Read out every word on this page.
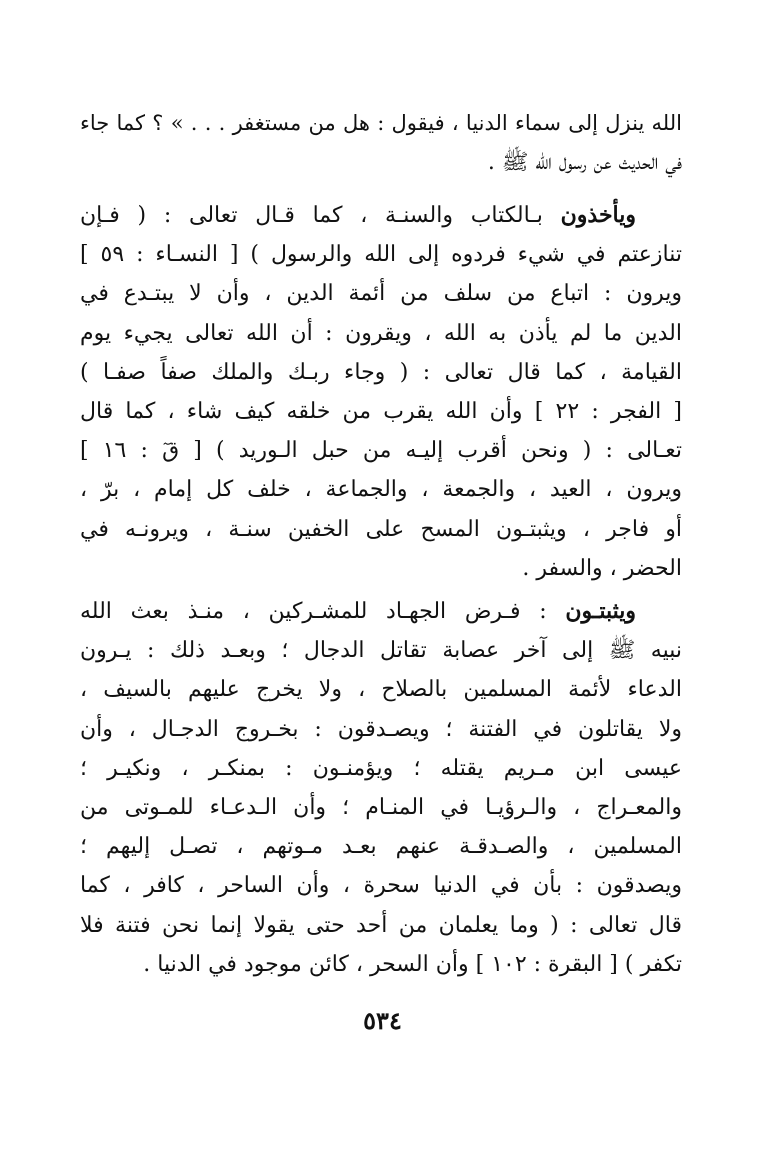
الله ينزل إلى سماء الدنيا ، فيقول : هل من مستغفر . . . » ؟ كما جاء
في الحديث عن رسول الله ﷺ .
ويأخذون بـالكتاب والسنـة ، كما قـال تعالى : ( فـإن
تنازعتم في شيء فردوه إلى الله والرسول ) [ النسـاء : ٥٩ ]
ويرون : اتباع من سلف من أئمة الدين ، وأن لا يبتـدع في
الدين ما لم يأذن به الله ، ويقرون : أن الله تعالى يجيء يوم
القيامة ، كما قال تعالى : ( وجاء ربـك والملك صفاً صفـا )
[ الفجر : ٢٢ ] وأن الله يقرب من خلقه كيف شاء ، كما قال
تعـالى : ( ونحن أقرب إليـه من حبل الـوريد ) [ قٓ : ١٦ ]
ويرون ، العيد ، والجمعة ، والجماعة ، خلف كل إمام ، برّ ،
أو فاجر ، ويثبتـون المسح على الخفين سنـة ، ويرونـه في
الحضر ، والسفر .
ويثبتـون : فـرض الجهـاد للمشـركين ، منـذ بعث الله
نبيه ﷺ إلى آخر عصابة تقاتل الدجال ؛ وبعـد ذلك : يـرون
الدعاء لأئمة المسلمين بالصلاح ، ولا يخرج عليهم بالسيف ،
ولا يقاتلون في الفتنة ؛ ويصـدقون : بخـروج الدجـال ، وأن
عيسى ابن مـريم يقتله ؛ ويؤمنـون : بمنكـر ، ونكيـر ؛
والمعـراج ، والـرؤيـا في المنـام ؛ وأن الـدعـاء للمـوتى من
المسلمين ، والصـدقـة عنهم بعـد مـوتهم ، تصـل إليهم ؛
ويصدقون : بأن في الدنيا سحرة ، وأن الساحر ، كافر ، كما
قال تعالى : ( وما يعلمان من أحد حتى يقولا إنما نحن فتنة فلا
تكفر ) [ البقرة : ١٠٢ ] وأن السحر ، كائن موجود في الدنيا .
٥٣٤
